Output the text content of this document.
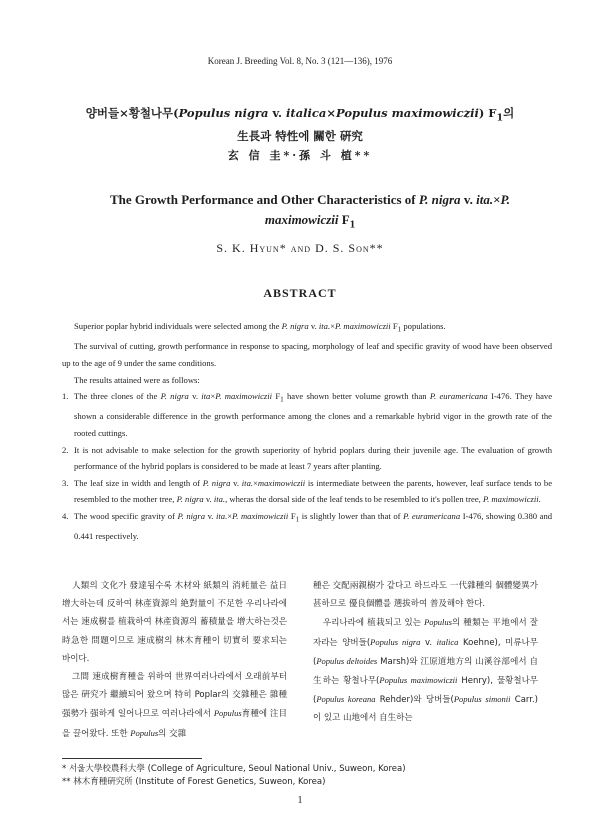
Korean J. Breeding Vol. 8, No. 3 (121—136), 1976
양버들×황철나무(Populus nigra v. italica×Populus maximowiczii) $F_1$의
生長과 特性에 關한 硏究
玄 信 圭*·孫 斗 植**
The Growth Performance and Other Characteristics of P. nigra v. ita.×P.
maximowiczii $F_1$
S. K. HYUN* AND D. S. SON**
ABSTRACT

Superior poplar hybrid individuals were selected among the P. nigra v. ita.×P. maximowiczii $F_1$ populations.

The survival of cutting, growth performance in response to spacing, morphology of leaf and specific gravity of wood have been observed up to the age of 9 under the same conditions.

The results attained were as follows:

1. The three clones of the P. nigra v. ita×P. maximowiczii $F_1$ have shown better volume growth than P. euramericana I-476. They have shown a considerable difference in the growth performance among the clones and a remarkable hybrid vigor in the growth rate of the rooted cuttings.
2. It is not advisable to make selection for the growth superiority of hybrid poplars during their juvenile age. The evaluation of growth performance of the hybrid poplars is considered to be made at least 7 years after planting.
3. The leaf size in width and length of P. nigra v. ita.×maximowiczii is intermediate between the parents, however, leaf surface tends to be resembled to the mother tree, P. nigra v. ita., wheras the dorsal side of the leaf tends to be resembled to it's pollen tree, P. maximowiczii.
4. The wood specific gravity of P. nigra v. ita.×P. maximowiczii $F_1$ is slightly lower than that of P. euramericana I-476, showing 0.380 and 0.441 respectively.

人類의 文化가 發達됨수록 木材와 紙類의 消耗量은 益日增大하는데 反하여 林產資源의 絶對量이 不足한 우리나라에서는 速成樹를 植栽하여 林產資源의 蓄積量을 增大하는것은 時急한 問題이므로 速成樹의 林木育種이 切實히 要求되는 바이다.

그間 速成樹育種을 위하여 世界여러나라에서 오래前부터 많은 硏究가 繼續되어 왔으며 特히 Poplar의 交雜種은 雜種强勢가 强하게 일어나므로 여러나라에서 Populus育種에 注目을 끌어왔다. 또한 Populus의 交雜

種은 交配兩親樹가 같다고 하드라도 一代雜種의 個體變異가 甚하므로 優良個體를 選拔하여 普及해야 한다.

우리나라에 植栽되고 있는 Populus의 種類는 平地에서 잘자라는 양버들(Populus nigra v. italica Koehne), 미류나무(Populus deltoides Marsh)와 江原道地方의 山溪谷部에서 自生하는 황철나무(Populus maximowiczii Henry), 물황철나무(Populus koreana Rehder)와 당버들(Populus simonii Carr.)이 있고 山地에서 自生하는

* 서울大學校農科大學 (College of Agriculture, Seoul National Univ., Suweon, Korea)
** 林木育種硏究所 (Institute of Forest Genetics, Suweon, Korea)
1
